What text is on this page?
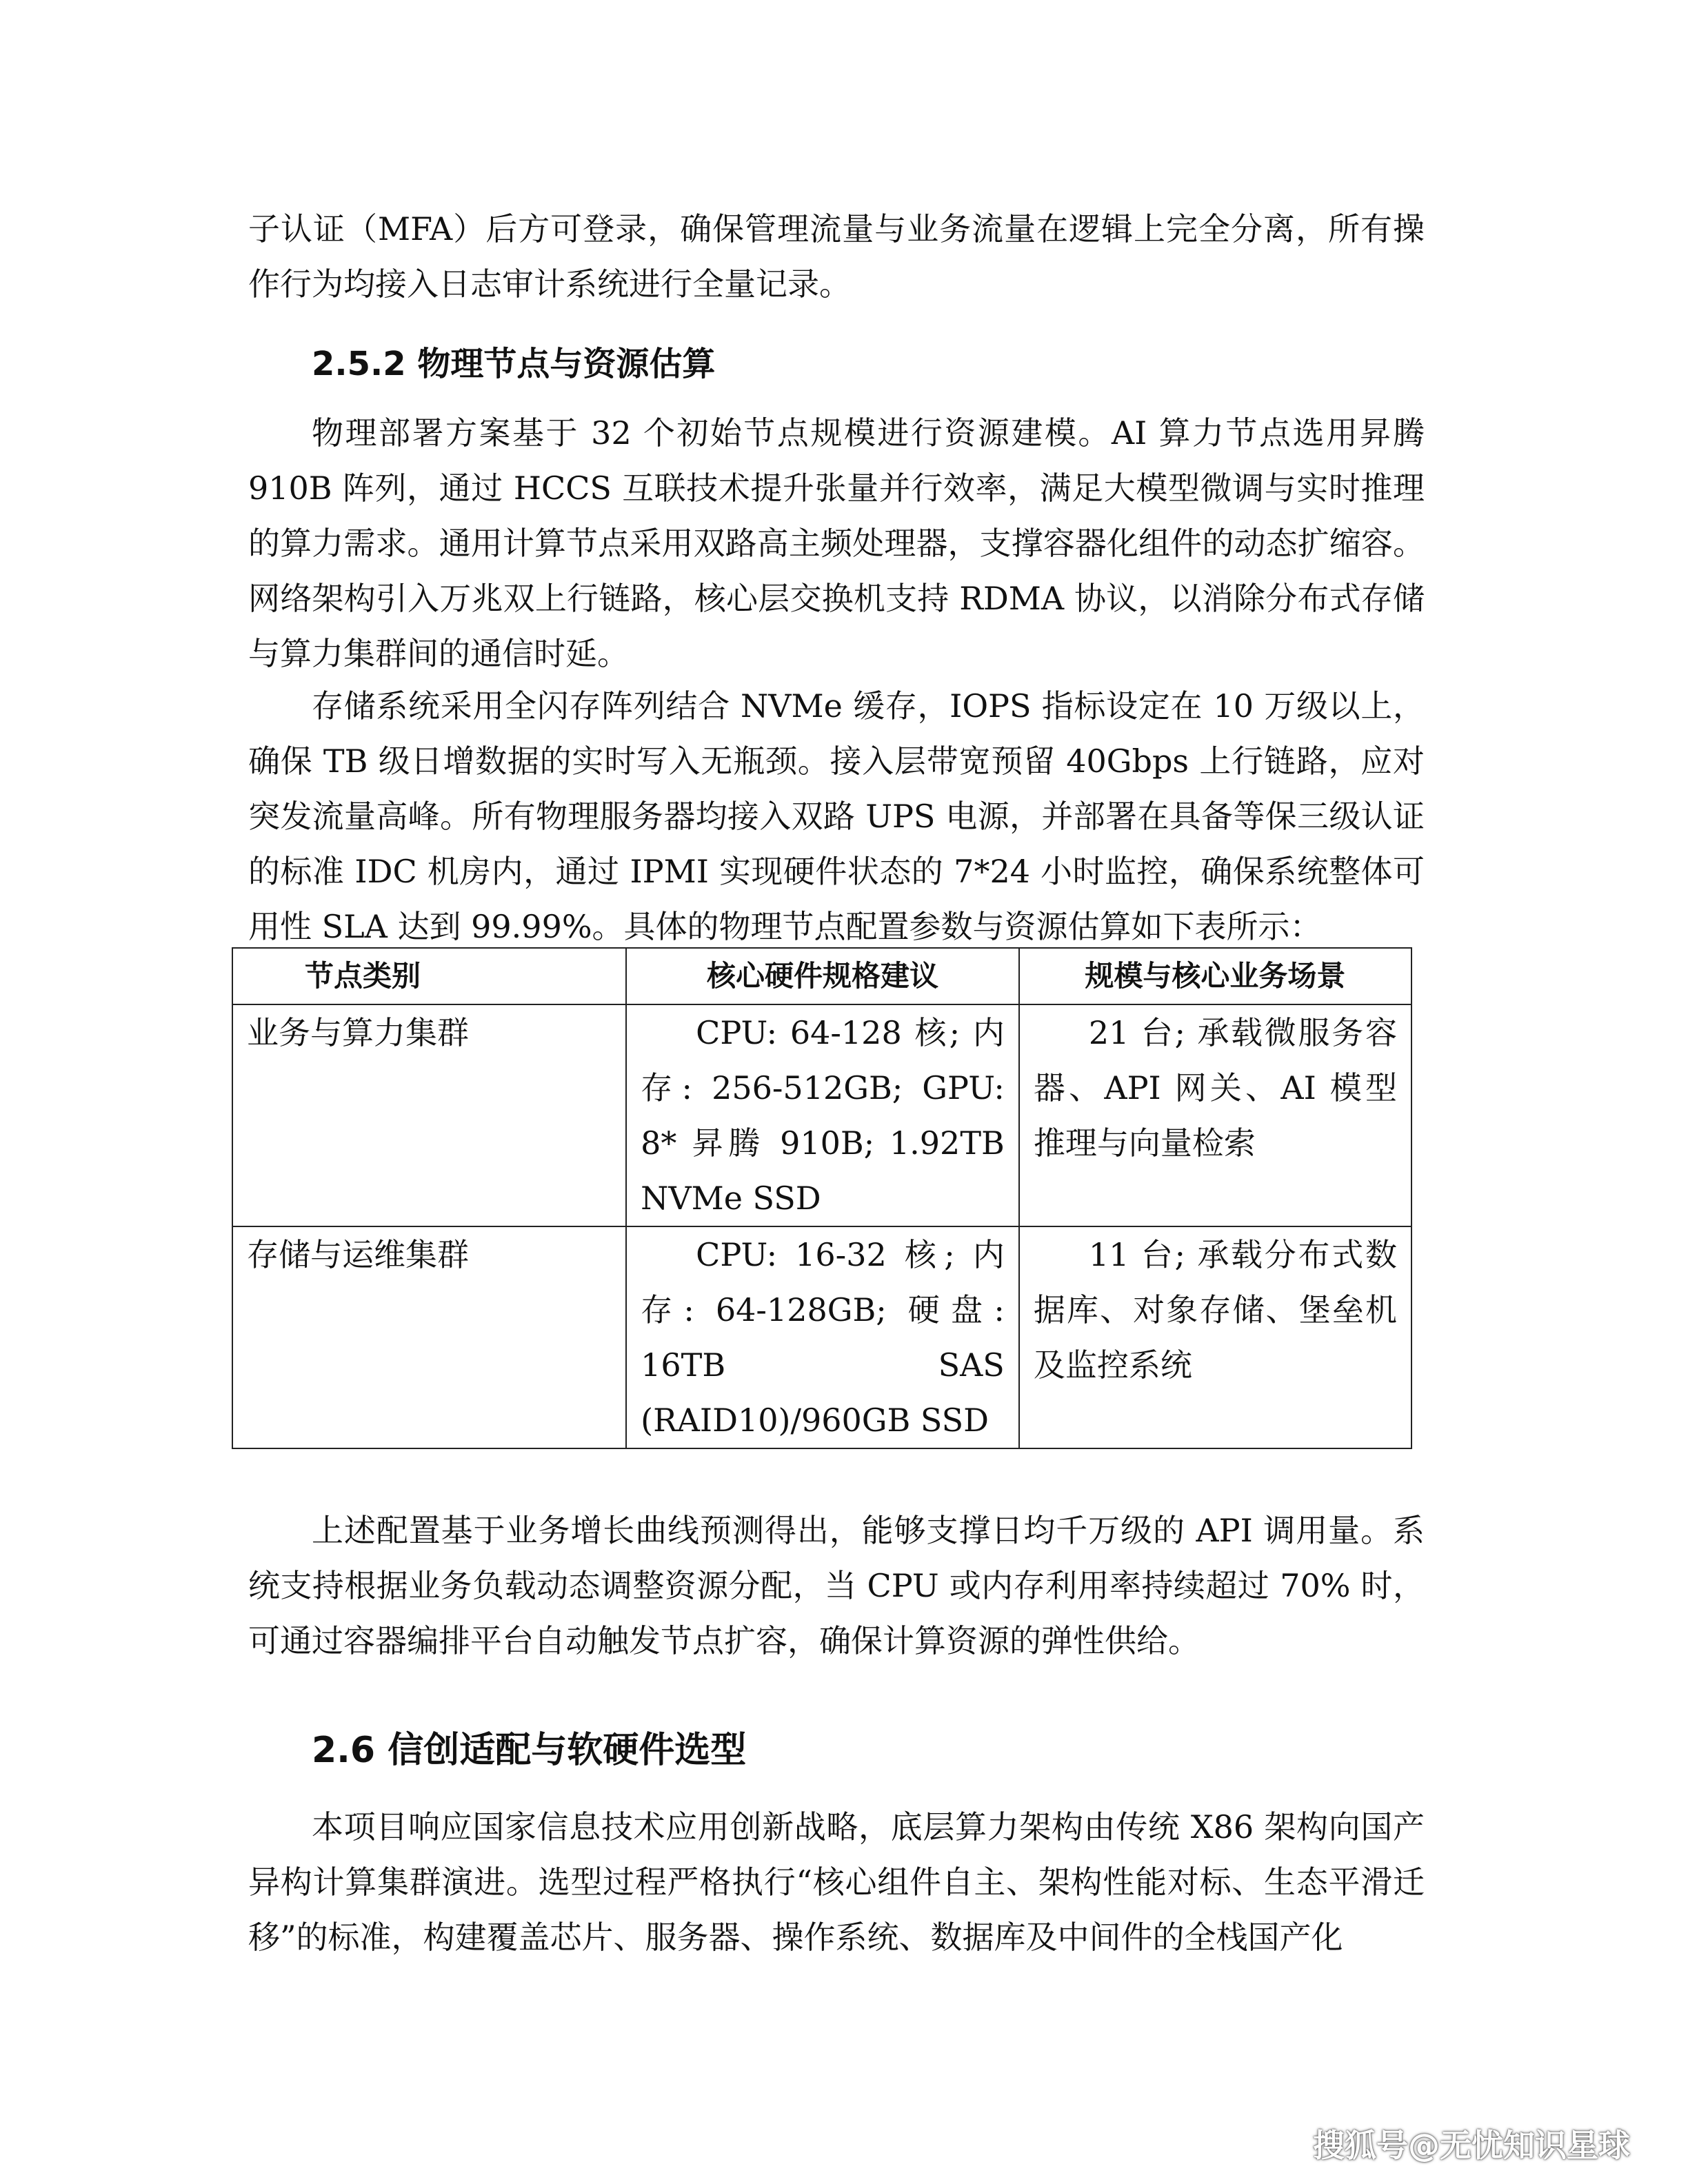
子认证（MFA）后方可登录，确保管理流量与业务流量在逻辑上完全分离，所有操作行为均接入日志审计系统进行全量记录。

2.5.2 物理节点与资源估算

物理部署方案基于 32 个初始节点规模进行资源建模。AI 算力节点选用昇腾 910B 阵列，通过 HCCS 互联技术提升张量并行效率，满足大模型微调与实时推理的算力需求。通用计算节点采用双路高主频处理器，支撑容器化组件的动态扩缩容。网络架构引入万兆双上行链路，核心层交换机支持 RDMA 协议，以消除分布式存储与算力集群间的通信时延。

存储系统采用全闪存阵列结合 NVMe 缓存，IOPS 指标设定在 10 万级以上，确保 TB 级日增数据的实时写入无瓶颈。接入层带宽预留 40Gbps 上行链路，应对突发流量高峰。所有物理服务器均接入双路 UPS 电源，并部署在具备等保三级认证的标准 IDC 机房内，通过 IPMI 实现硬件状态的 7*24 小时监控，确保系统整体可用性 SLA 达到 99.99%。具体的物理节点配置参数与资源估算如下表所示：

节点类别	核心硬件规格建议	规模与核心业务场景
业务与算力集群	CPU: 64-128 核; 内存: 256-512GB; GPU: 8* 昇腾 910B; 1.92TB NVMe SSD	21 台; 承载微服务容器、API 网关、AI 模型推理与向量检索
存储与运维集群	CPU: 16-32 核; 内存: 64-128GB; 硬盘: 16TB SAS (RAID10)/960GB SSD	11 台; 承载分布式数据库、对象存储、堡垒机及监控系统

上述配置基于业务增长曲线预测得出，能够支撑日均千万级的 API 调用量。系统支持根据业务负载动态调整资源分配，当 CPU 或内存利用率持续超过 70% 时，可通过容器编排平台自动触发节点扩容，确保计算资源的弹性供给。

2.6 信创适配与软硬件选型

本项目响应国家信息技术应用创新战略，底层算力架构由传统 X86 架构向国产异构计算集群演进。选型过程严格执行“核心组件自主、架构性能对标、生态平滑迁移”的标准，构建覆盖芯片、服务器、操作系统、数据库及中间件的全栈国产化

搜狐号@无忧知识星球
